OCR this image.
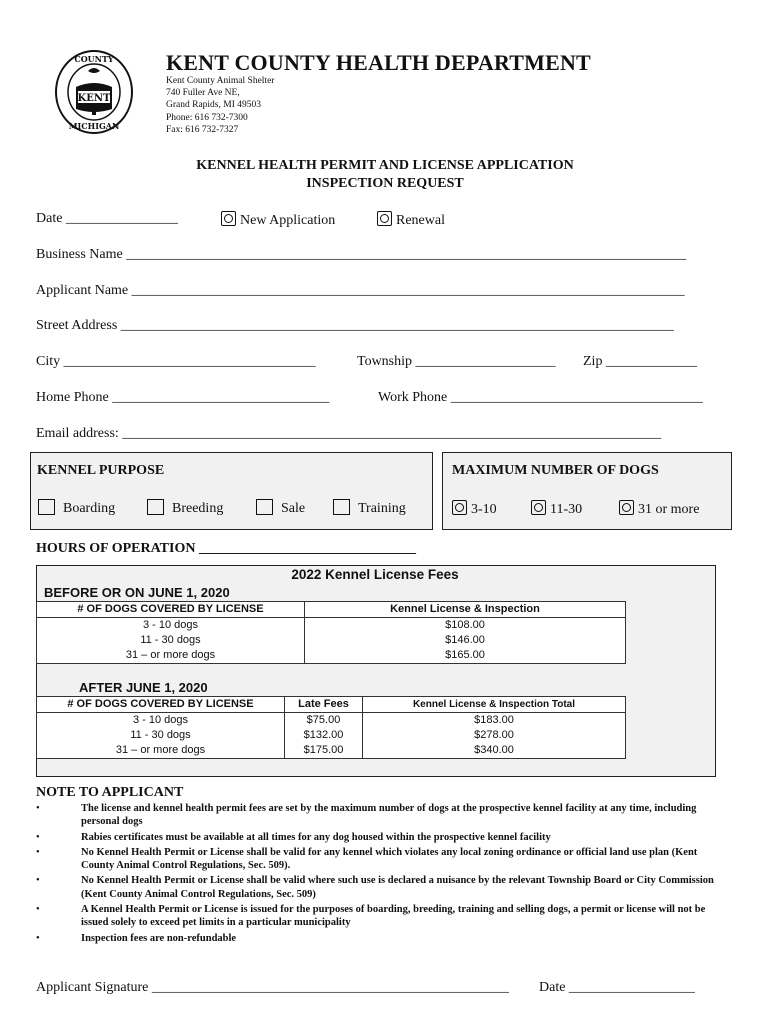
KENT
COUNTY
MICHIGAN
KENT COUNTY HEALTH DEPARTMENT
Kent County Animal Shelter
740 Fuller Ave NE,
Grand Rapids, MI 49503
Phone: 616 732-7300
Fax: 616 732-7327
KENNEL HEALTH PERMIT AND LICENSE APPLICATION
INSPECTION REQUEST
Date ________________	New Application	Renewal
Business Name ________________________________________________________________________________
Applicant Name _______________________________________________________________________________
Street Address _______________________________________________________________________________
City ____________________________________	Township ____________________ Zip _____________
Home Phone _______________________________	Work Phone ____________________________________
Email address: _____________________________________________________________________________
KENNEL PURPOSE
Boarding	Breeding	Sale	Training
MAXIMUM NUMBER OF DOGS
3-10	11-30	31 or more
HOURS OF OPERATION _______________________________
2022 Kennel License Fees
BEFORE OR ON JUNE 1, 2020
# OF DOGS COVERED BY LICENSE	Kennel License & Inspection
3 - 10 dogs	$108.00
11 - 30 dogs	$146.00
31 – or more dogs	$165.00
AFTER JUNE 1, 2020
# OF DOGS COVERED BY LICENSE	Late Fees	Kennel License & Inspection Total
3 - 10 dogs	$75.00	$183.00
11 - 30 dogs	$132.00	$278.00
31 – or more dogs	$175.00	$340.00
NOTE TO APPLICANT
• The license and kennel health permit fees are set by the maximum number of dogs at the prospective kennel facility at any time, including personal dogs
• Rabies certificates must be available at all times for any dog housed within the prospective kennel facility
• No Kennel Health Permit or License shall be valid for any kennel which violates any local zoning ordinance or official land use plan (Kent County Animal Control Regulations, Sec. 509).
• No Kennel Health Permit or License shall be valid where such use is declared a nuisance by the relevant Township Board or City Commission (Kent County Animal Control Regulations, Sec. 509)
• A Kennel Health Permit or License is issued for the purposes of boarding, breeding, training and selling dogs, a permit or license will not be issued solely to exceed pet limits in a particular municipality
• Inspection fees are non-refundable
Applicant Signature ___________________________________________________ Date __________________
